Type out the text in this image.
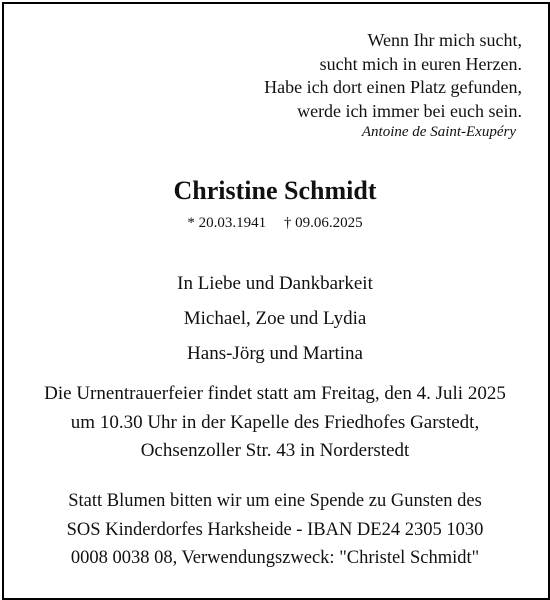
Wenn Ihr mich sucht,
sucht mich in euren Herzen.
Habe ich dort einen Platz gefunden,
werde ich immer bei euch sein.
Antoine de Saint-Exupéry
Christine Schmidt
* 20.03.1941 † 09.06.2025
In Liebe und Dankbarkeit
Michael, Zoe und Lydia
Hans-Jörg und Martina
Die Urnentrauerfeier findet statt am Freitag, den 4. Juli 2025
um 10.30 Uhr in der Kapelle des Friedhofes Garstedt,
Ochsenzoller Str. 43 in Norderstedt
Statt Blumen bitten wir um eine Spende zu Gunsten des
SOS Kinderdorfes Harksheide - IBAN DE24 2305 1030
0008 0038 08, Verwendungszweck: "Christel Schmidt"
